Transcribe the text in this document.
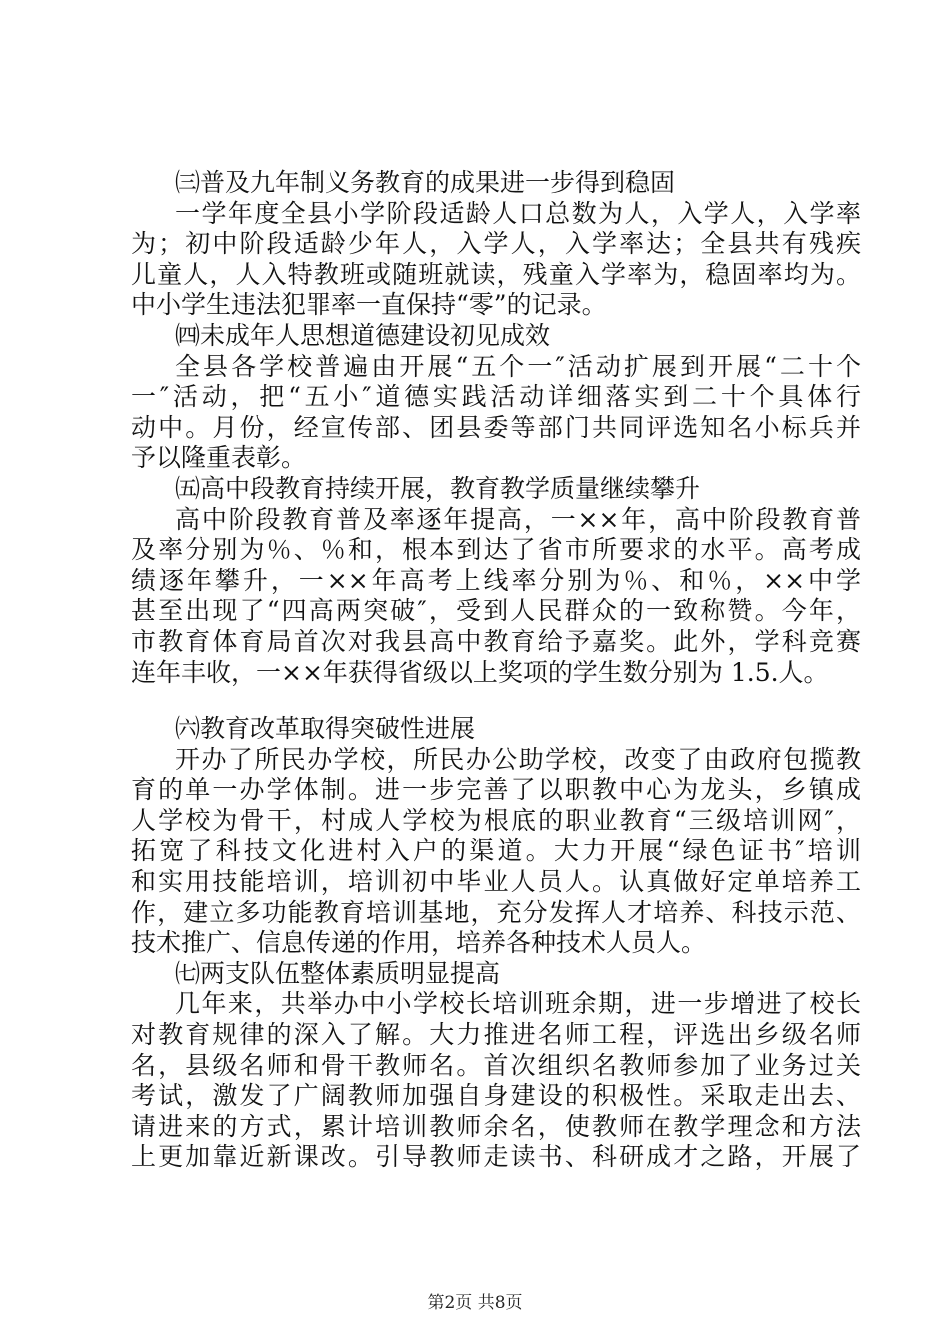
㈢普及九年制义务教育的成果进一步得到稳固
一学年度全县小学阶段适龄人口总数为人，入学人，入学率
为；初中阶段适龄少年人，入学人，入学率达；全县共有残疾
儿童人，人入特教班或随班就读，残童入学率为，稳固率均为。
中小学生违法犯罪率一直保持“零”的记录。
㈣未成年人思想道德建设初见成效
全县各学校普遍由开展“五个一″活动扩展到开展“二十个
一″活动，把“五小″道德实践活动详细落实到二十个具体行
动中。月份，经宣传部、团县委等部门共同评选知名小标兵并
予以隆重表彰。
㈤高中段教育持续开展，教育教学质量继续攀升
高中阶段教育普及率逐年提高，一××年，高中阶段教育普
及率分别为％、％和，根本到达了省市所要求的水平。高考成
绩逐年攀升，一××年高考上线率分别为％、和％，××中学
甚至出现了“四高两突破″，受到人民群众的一致称赞。今年，
市教育体育局首次对我县高中教育给予嘉奖。此外，学科竞赛
连年丰收，一××年获得省级以上奖项的学生数分别为 1.5.人。
㈥教育改革取得突破性进展
开办了所民办学校，所民办公助学校，改变了由政府包揽教
育的单一办学体制。进一步完善了以职教中心为龙头，乡镇成
人学校为骨干，村成人学校为根底的职业教育“三级培训网″，
拓宽了科技文化进村入户的渠道。大力开展“绿色证书″培训
和实用技能培训，培训初中毕业人员人。认真做好定单培养工
作，建立多功能教育培训基地，充分发挥人才培养、科技示范、
技术推广、信息传递的作用，培养各种技术人员人。
㈦两支队伍整体素质明显提高
几年来，共举办中小学校长培训班余期，进一步增进了校长
对教育规律的深入了解。大力推进名师工程，评选出乡级名师
名，县级名师和骨干教师名。首次组织名教师参加了业务过关
考试，激发了广阔教师加强自身建设的积极性。采取走出去、
请进来的方式，累计培训教师余名，使教师在教学理念和方法
上更加靠近新课改。引导教师走读书、科研成才之路，开展了
第2页 共8页
